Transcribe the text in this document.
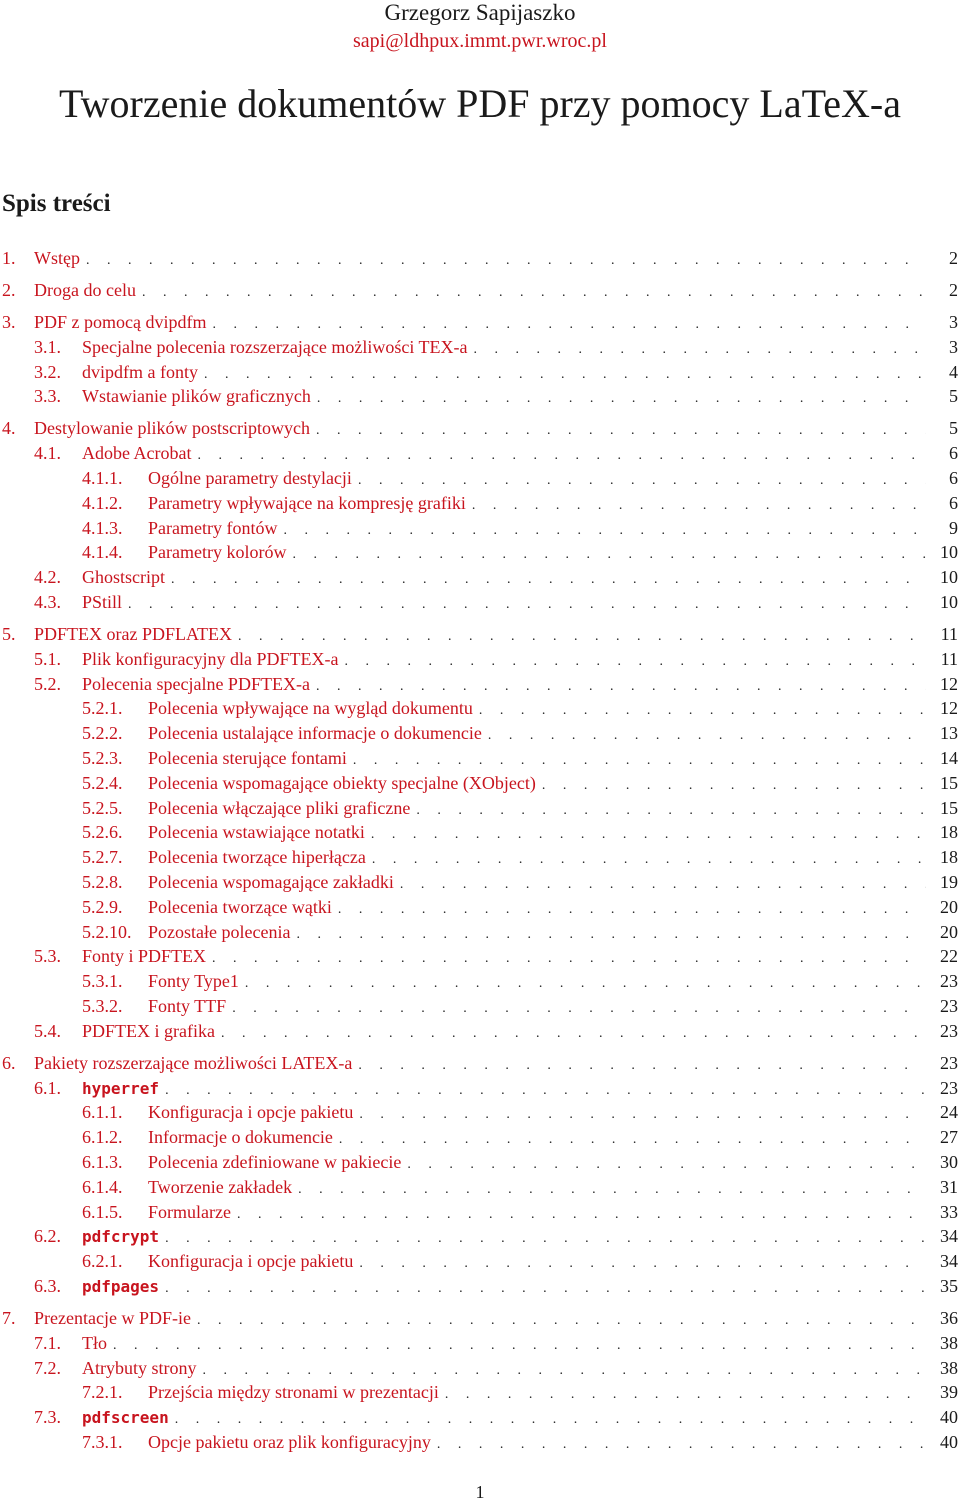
Grzegorz Sapijaszko
sapi@ldhpux.immt.pwr.wroc.pl
Tworzenie dokumentów PDF przy pomocy LaTeX-a
Spis treści
1.	Wstęp . . .	2
2.	Droga do celu . . .	2
3.	PDF z pomocą dvipdfm . . .	3
3.1.	Specjalne polecenia rozszerzające możliwości TEX-a . . .	3
3.2.	dvipdfm a fonty . . .	4
3.3.	Wstawianie plików graficznych . . .	5
4.	Destylowanie plików postscriptowych . . .	5
4.1.	Adobe Acrobat . . .	6
4.1.1.	Ogólne parametry destylacji . . .	6
4.1.2.	Parametry wpływające na kompresję grafiki . . .	6
4.1.3.	Parametry fontów . . .	9
4.1.4.	Parametry kolorów . . .	10
4.2.	Ghostscript . . .	10
4.3.	PStill . . .	10
5.	PDFTEX oraz PDFLATEX . . .	11
5.1.	Plik konfiguracyjny dla PDFTEX-a . . .	11
5.2.	Polecenia specjalne PDFTEX-a . . .	12
5.2.1.	Polecenia wpływające na wygląd dokumentu . . .	12
5.2.2.	Polecenia ustalające informacje o dokumencie . . .	13
5.2.3.	Polecenia sterujące fontami . . .	14
5.2.4.	Polecenia wspomagające obiekty specjalne (XObject) . . .	15
5.2.5.	Polecenia włączające pliki graficzne . . .	15
5.2.6.	Polecenia wstawiające notatki . . .	18
5.2.7.	Polecenia tworzące hiperłącza . . .	18
5.2.8.	Polecenia wspomagające zakładki . . .	19
5.2.9.	Polecenia tworzące wątki . . .	20
5.2.10. Pozostałe polecenia . . .	20
5.3.	Fonty i PDFTEX . . .	22
5.3.1.	Fonty Type1 . . .	23
5.3.2.	Fonty TTF . . .	23
5.4.	PDFTEX i grafika . . .	23
6.	Pakiety rozszerzające możliwości LATEX-a . . .	23
6.1.	hyperref . . .	23
6.1.1.	Konfiguracja i opcje pakietu . . .	24
6.1.2.	Informacje o dokumencie . . .	27
6.1.3.	Polecenia zdefiniowane w pakiecie . . .	30
6.1.4.	Tworzenie zakładek . . .	31
6.1.5.	Formularze . . .	33
6.2.	pdfcrypt . . .	34
6.2.1.	Konfiguracja i opcje pakietu . . .	34
6.3.	pdfpages . . .	35
7.	Prezentacje w PDF-ie . . .	36
7.1.	Tło . . .	38
7.2.	Atrybuty strony . . .	38
7.2.1.	Przejścia między stronami w prezentacji . . .	39
7.3.	pdfscreen . . .	40
7.3.1.	Opcje pakietu oraz plik konfiguracyjny . . .	40
1
